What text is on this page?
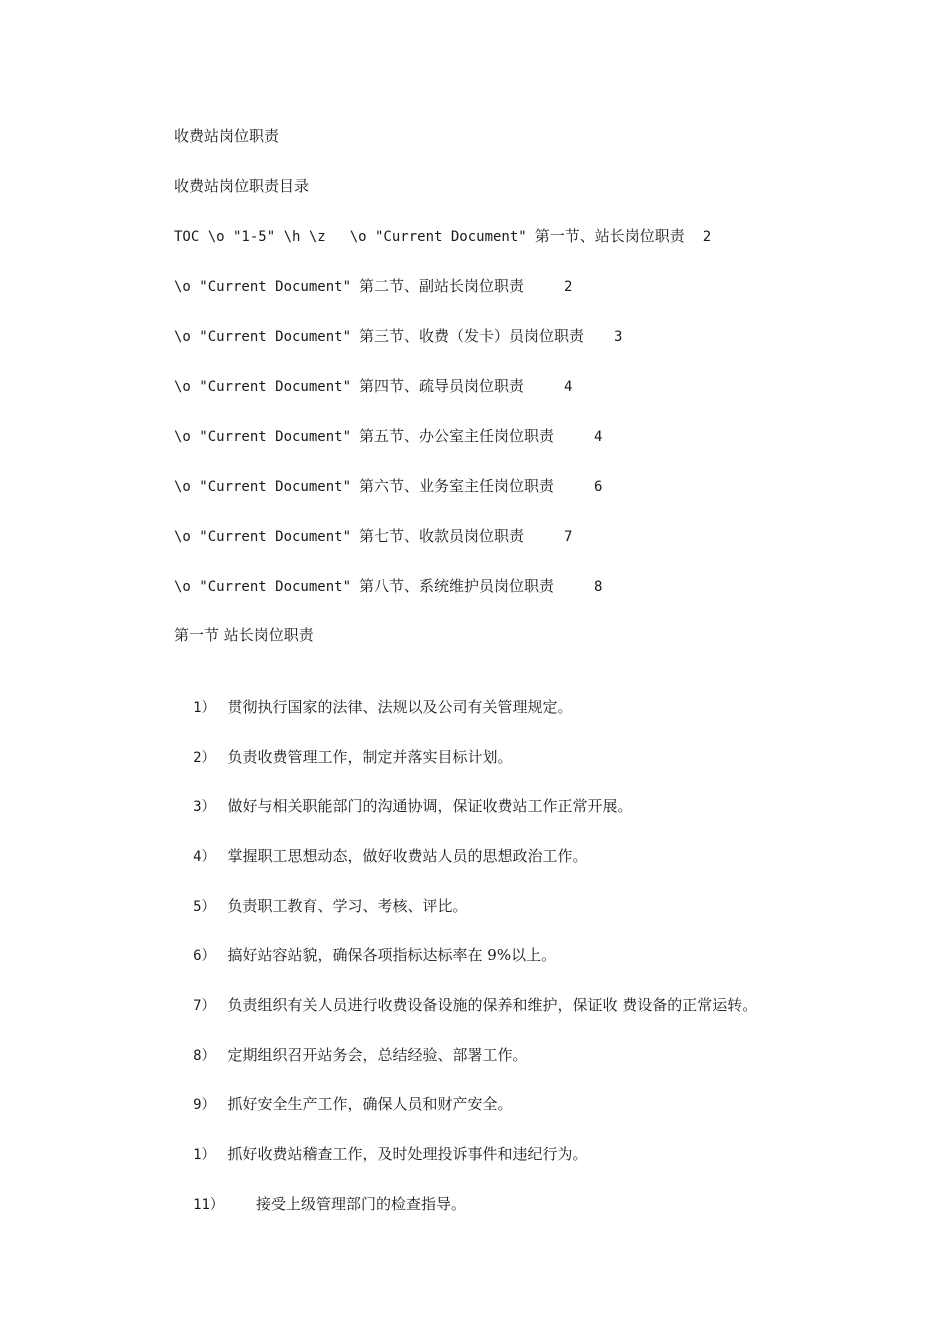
收费站岗位职责
收费站岗位职责目录
TOC \o "1-5" \h \z \o "Current Document" 第一节、站长岗位职责 2
\o "Current Document" 第二节、副站长岗位职责	2
\o "Current Document" 第三节、收费（发卡）员岗位职责 3
\o "Current Document" 第四节、疏导员岗位职责	4
\o "Current Document" 第五节、办公室主任岗位职责	4
\o "Current Document" 第六节、业务室主任岗位职责	6
\o "Current Document" 第七节、收款员岗位职责	7
\o "Current Document" 第八节、系统维护员岗位职责	8
第一节 站长岗位职责

1） 贯彻执行国家的法律、法规以及公司有关管理规定。

2） 负责收费管理工作，制定并落实目标计划。

3） 做好与相关职能部门的沟通协调，保证收费站工作正常开展。

4） 掌握职工思想动态，做好收费站人员的思想政治工作。

5） 负责职工教育、学习、考核、评比。

6） 搞好站容站貌，确保各项指标达标率在 9%以上。

7） 负责组织有关人员进行收费设备设施的保养和维护，保证收 费设备的正常运转。

8） 定期组织召开站务会，总结经验、部署工作。

9） 抓好安全生产工作，确保人员和财产安全。

1） 抓好收费站稽查工作，及时处理投诉事件和违纪行为。

11） 接受上级管理部门的检查指导。
